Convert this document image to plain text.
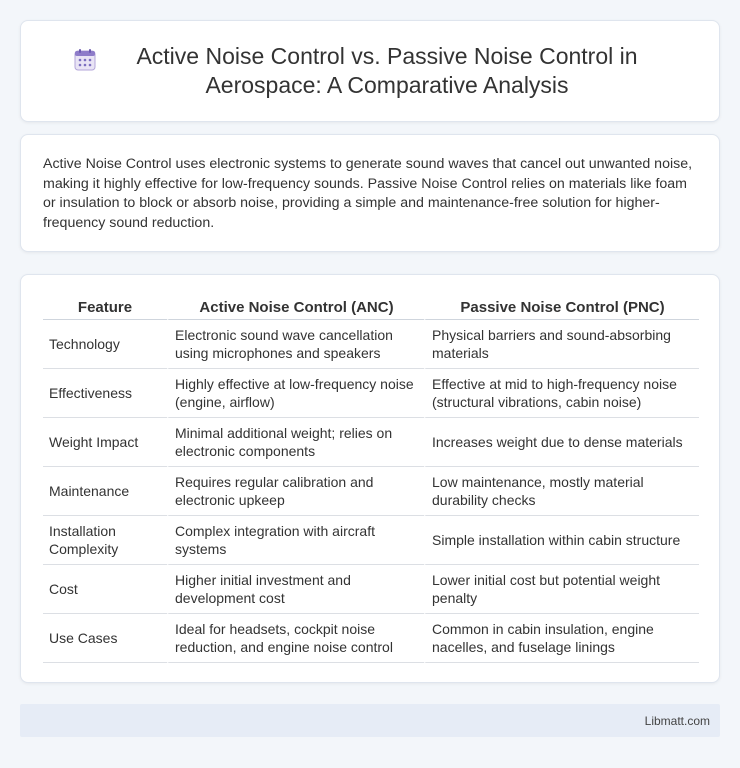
Active Noise Control vs. Passive Noise Control in Aerospace: A Comparative Analysis

Active Noise Control uses electronic systems to generate sound waves that cancel out unwanted noise, making it highly effective for low-frequency sounds. Passive Noise Control relies on materials like foam or insulation to block or absorb noise, providing a simple and maintenance-free solution for higher-frequency sound reduction.

Feature	Active Noise Control (ANC)	Passive Noise Control (PNC)
Technology	Electronic sound wave cancellation using microphones and speakers	Physical barriers and sound-absorbing materials
Effectiveness	Highly effective at low-frequency noise (engine, airflow)	Effective at mid to high-frequency noise (structural vibrations, cabin noise)
Weight Impact	Minimal additional weight; relies on electronic components	Increases weight due to dense materials
Maintenance	Requires regular calibration and electronic upkeep	Low maintenance, mostly material durability checks
Installation Complexity	Complex integration with aircraft systems	Simple installation within cabin structure
Cost	Higher initial investment and development cost	Lower initial cost but potential weight penalty
Use Cases	Ideal for headsets, cockpit noise reduction, and engine noise control	Common in cabin insulation, engine nacelles, and fuselage linings
Libmatt.com
